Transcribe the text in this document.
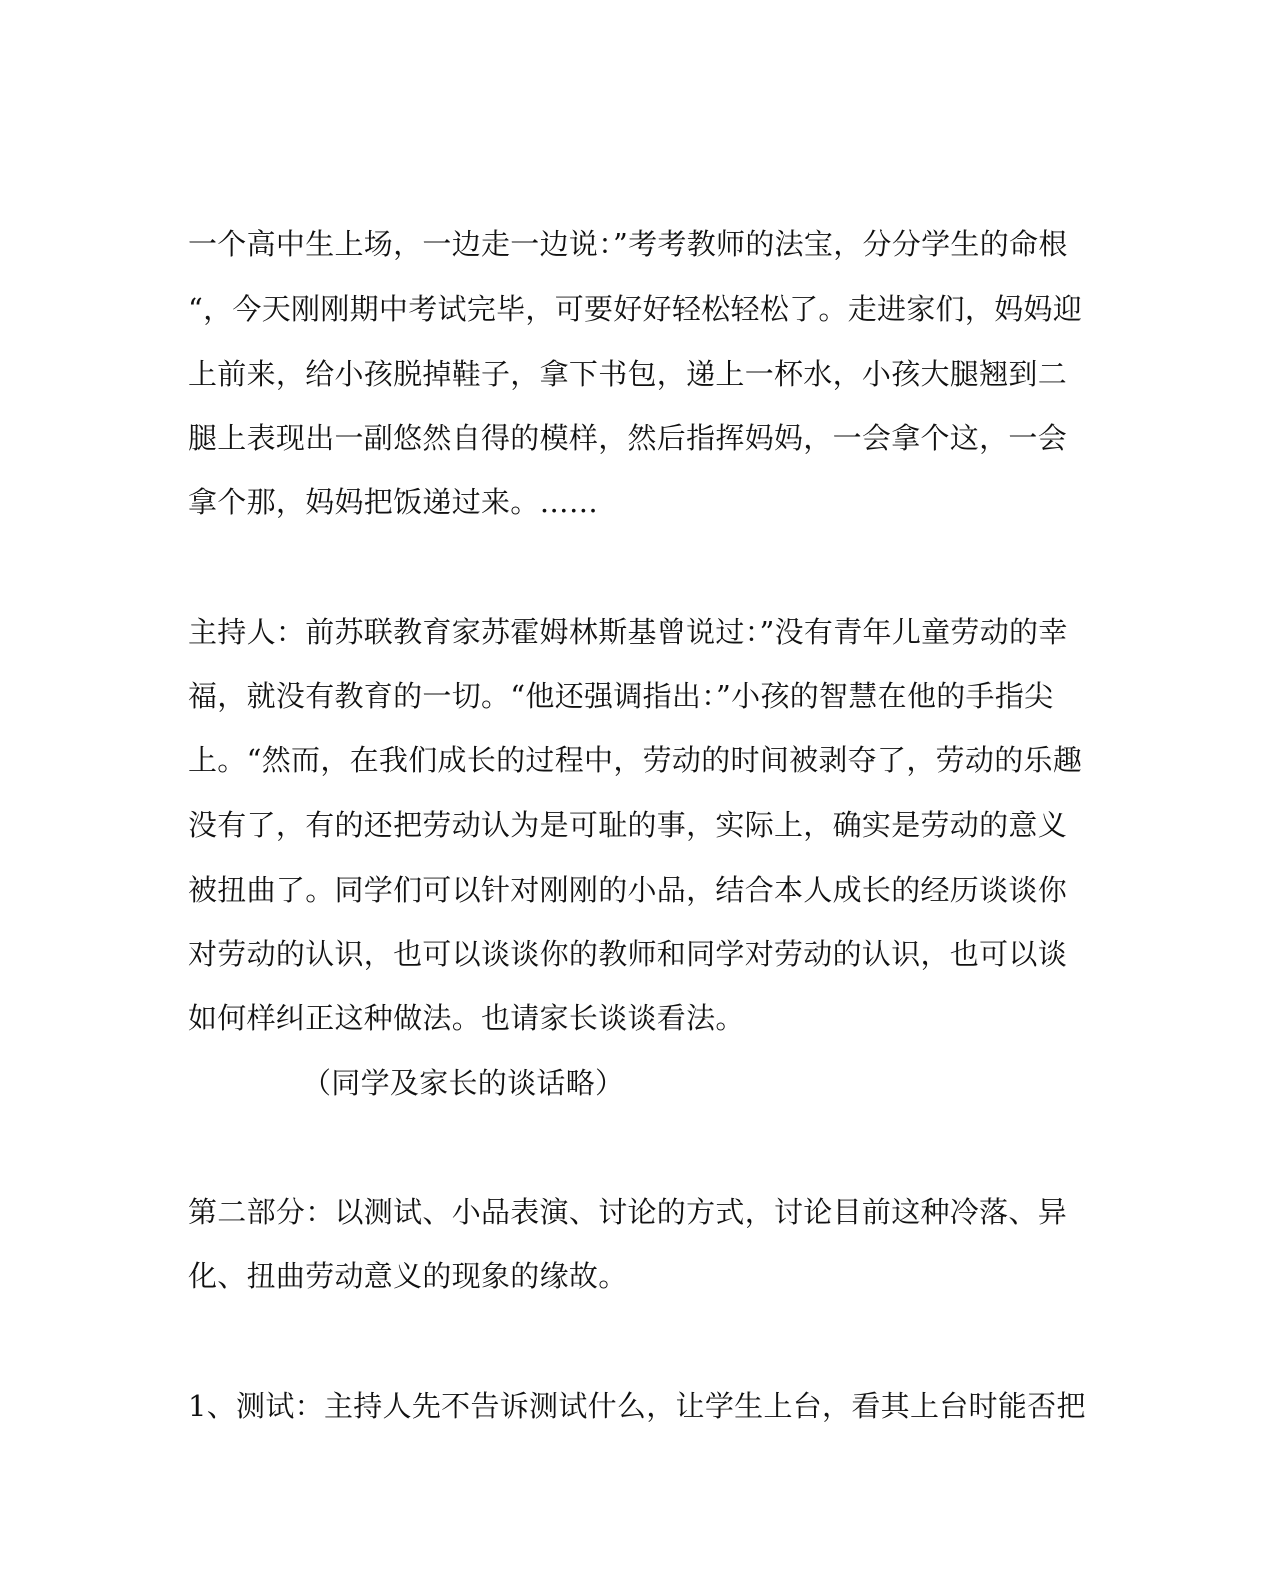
一个高中生上场，一边走一边说：”考考教师的法宝，分分学生的命根
“，今天刚刚期中考试完毕，可要好好轻松轻松了。走进家们，妈妈迎
上前来，给小孩脱掉鞋子，拿下书包，递上一杯水，小孩大腿翘到二
腿上表现出一副悠然自得的模样，然后指挥妈妈，一会拿个这，一会
拿个那，妈妈把饭递过来。……
主持人：前苏联教育家苏霍姆林斯基曾说过：”没有青年儿童劳动的幸
福，就没有教育的一切。“他还强调指出：”小孩的智慧在他的手指尖
上。“然而，在我们成长的过程中，劳动的时间被剥夺了，劳动的乐趣
没有了，有的还把劳动认为是可耻的事，实际上，确实是劳动的意义
被扭曲了。同学们可以针对刚刚的小品，结合本人成长的经历谈谈你
对劳动的认识，也可以谈谈你的教师和同学对劳动的认识，也可以谈
如何样纠正这种做法。也请家长谈谈看法。
（同学及家长的谈话略）
第二部分：以测试、小品表演、讨论的方式，讨论目前这种冷落、异
化、扭曲劳动意义的现象的缘故。
1、测试：主持人先不告诉测试什么，让学生上台，看其上台时能否把
